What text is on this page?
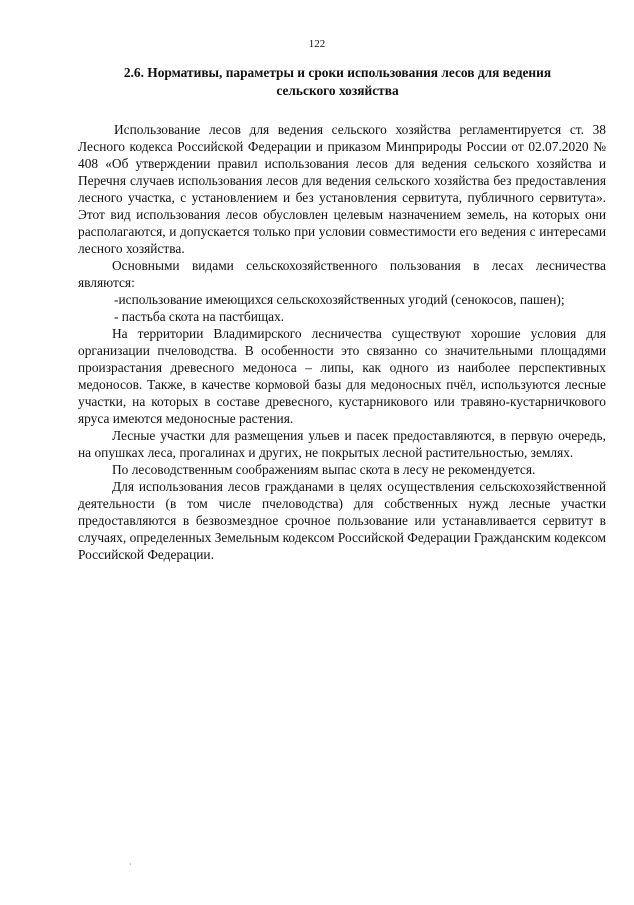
122
2.6. Нормативы, параметры и сроки использования лесов для ведения
сельского хозяйства

Использование лесов для ведения сельского хозяйства регламентируется ст. 38 Лесного кодекса Российской Федерации и приказом Минприроды России от 02.07.2020 № 408 «Об утверждении правил использования лесов для ведения сельского хозяйства и Перечня случаев использования лесов для ведения сельского хозяйства без предоставления лесного участка, с установлением и без установления сервитута, публичного сервитута». Этот вид использования лесов обусловлен целевым назначением земель, на которых они располагаются, и допускается только при условии совместимости его ведения с интересами лесного хозяйства.

Основными видами сельскохозяйственного пользования в лесах лесничества являются:

-использование имеющихся сельскохозяйственных угодий (сенокосов, пашен);

- пастьба скота на пастбищах.

На территории Владимирского лесничества существуют хорошие условия для организации пчеловодства. В особенности это связанно со значительными площадями произрастания древесного медоноса – липы, как одного из наиболее перспективных медоносов. Также, в качестве кормовой базы для медоносных пчёл, используются лесные участки, на которых в составе древесного, кустарникового или травяно-кустарничкового яруса имеются медоносные растения.

Лесные участки для размещения ульев и пасек предоставляются, в первую очередь, на опушках леса, прогалинах и других, не покрытых лесной растительностью, землях.

По лесоводственным соображениям выпас скота в лесу не рекомендуется.

Для использования лесов гражданами в целях осуществления сельскохозяйственной деятельности (в том числе пчеловодства) для собственных нужд лесные участки предоставляются в безвозмездное срочное пользование или устанавливается сервитут в случаях, определенных Земельным кодексом Российской Федерации Гражданским кодексом Российской Федерации.

·
